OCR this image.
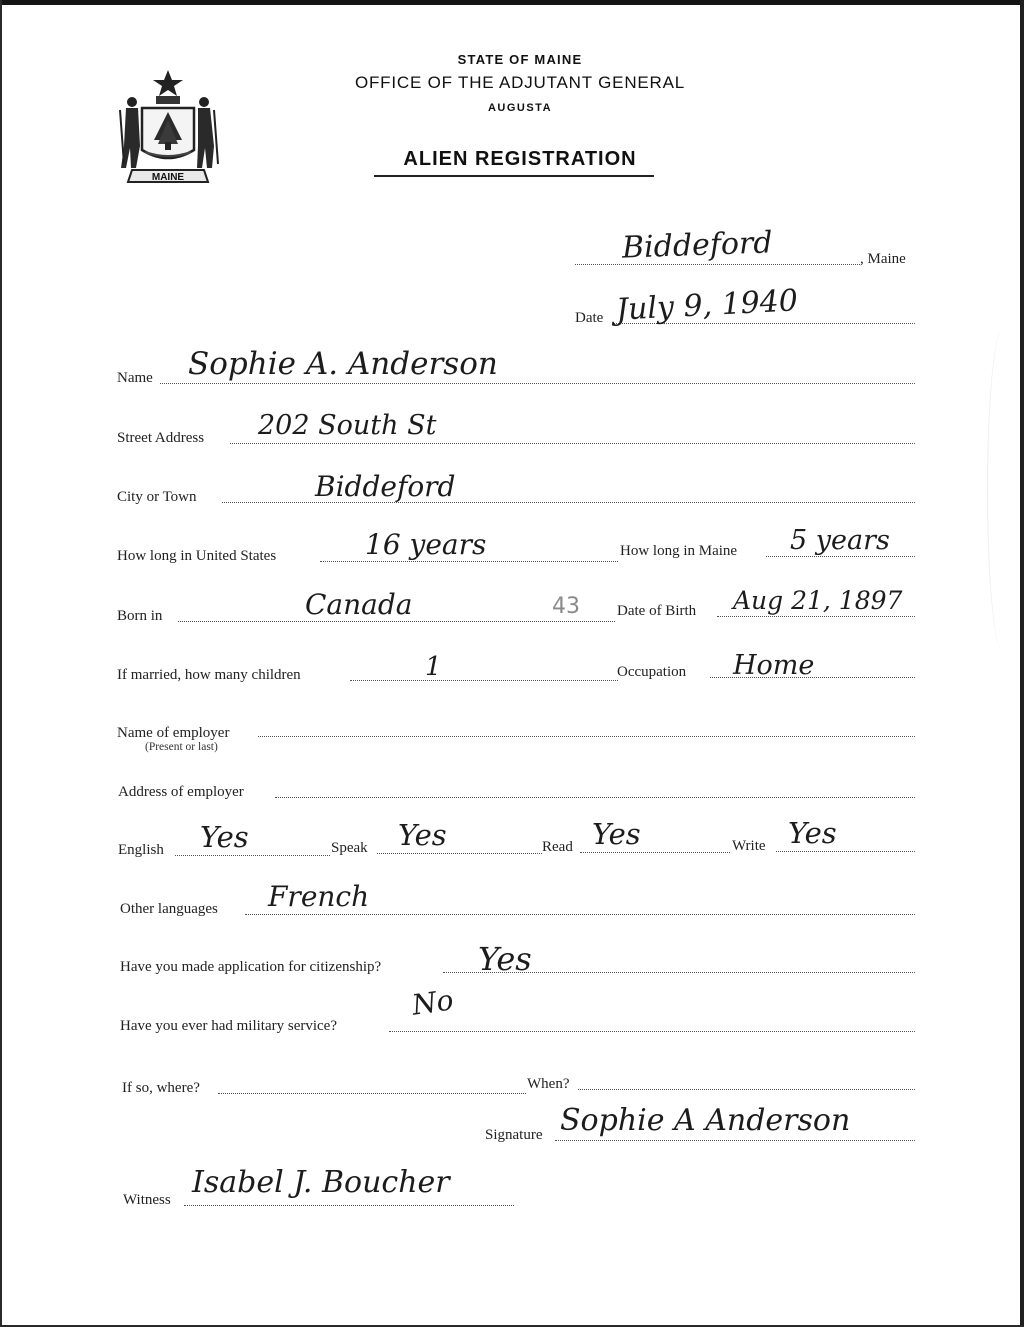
MAINE
STATE OF MAINE
OFFICE OF THE ADJUTANT GENERAL
AUGUSTA
ALIEN REGISTRATION
, Maine
Biddeford
Date July 9, 1940
Name Sophie A. Anderson
Street Address 202 South St
City or Town	Biddeford
How long in United States	16 years	How long in Maine 5 years
Born in	Canada	43 Date of Birth Aug 21, 1897
If married, how many children	1	Occupation Home
Name of employer
(Present or last)
Address of employer
English Yes	Speak Yes	Read Yes	Write Yes
Other languages French
Have you made application for citizenship?	Yes
Have you ever had military service?
No
If so, where?	When?
Signature Sophie A Anderson
Witness Isabel J. Boucher
